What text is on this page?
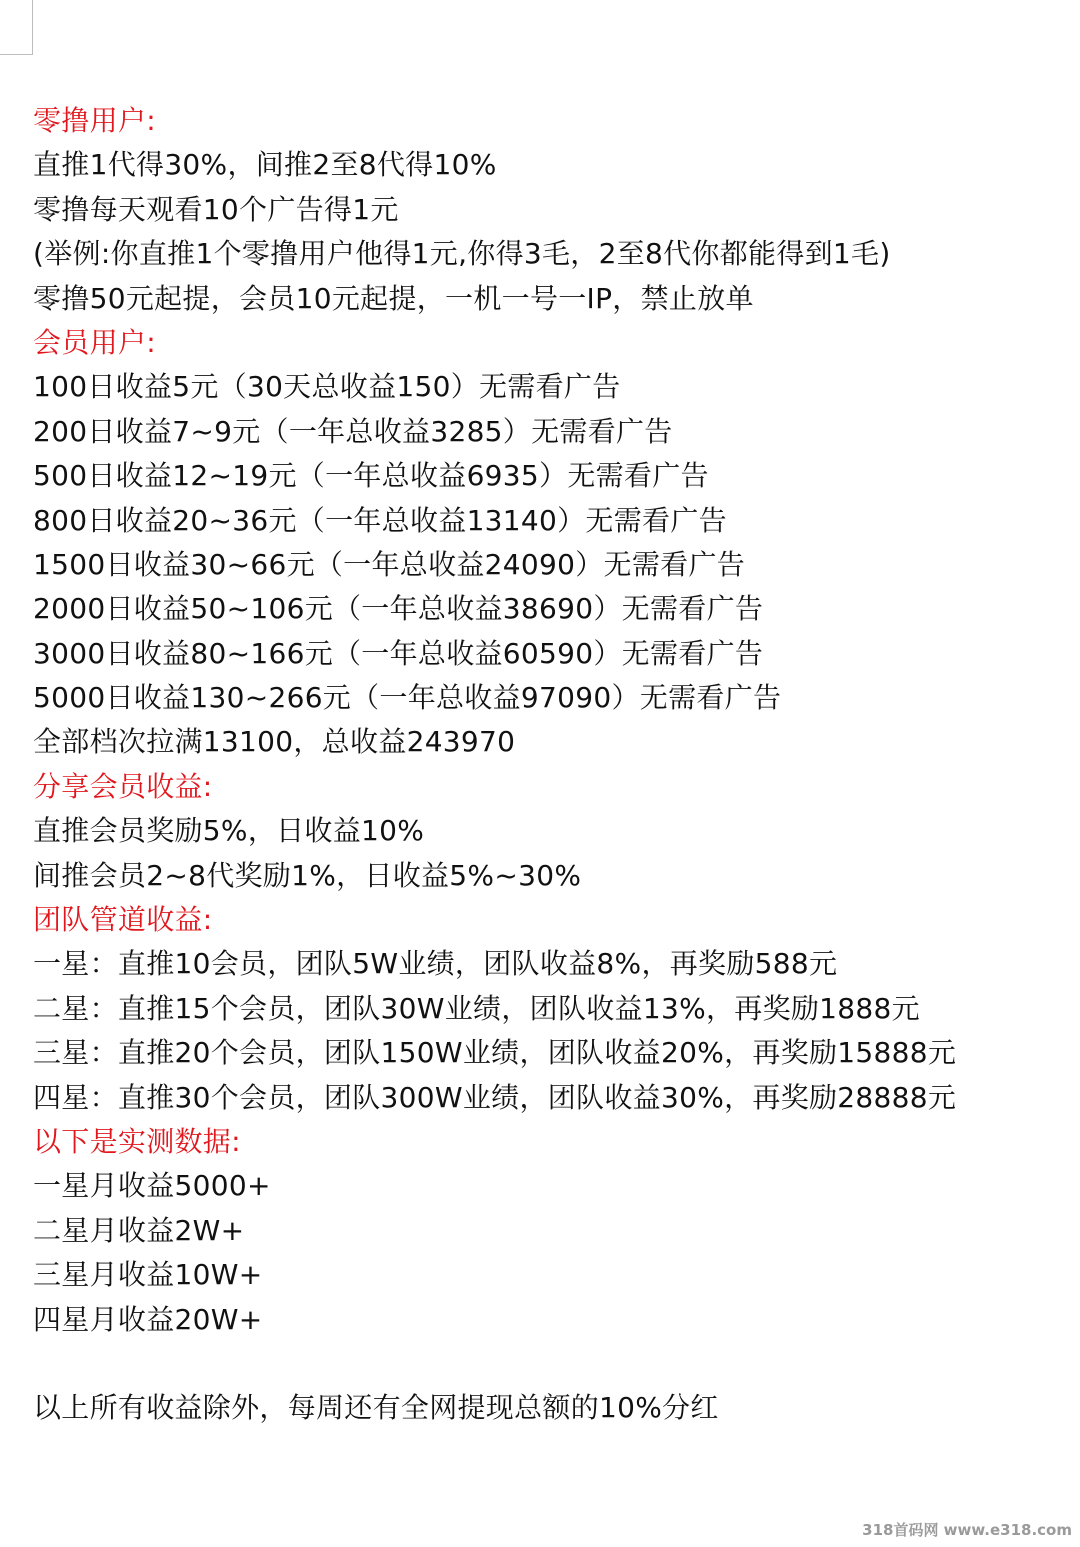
零撸用户:
直推1代得30%，间推2至8代得10%
零撸每天观看10个广告得1元
(举例:你直推1个零撸用户他得1元,你得3毛，2至8代你都能得到1毛)
零撸50元起提，会员10元起提，一机一号一IP，禁止放单
会员用户:
100日收益5元（30天总收益150）无需看广告
200日收益7~9元（一年总收益3285）无需看广告
500日收益12~19元（一年总收益6935）无需看广告
800日收益20~36元（一年总收益13140）无需看广告
1500日收益30~66元（一年总收益24090）无需看广告
2000日收益50~106元（一年总收益38690）无需看广告
3000日收益80~166元（一年总收益60590）无需看广告
5000日收益130~266元（一年总收益97090）无需看广告
全部档次拉满13100，总收益243970
分享会员收益:
直推会员奖励5%，日收益10%
间推会员2~8代奖励1%，日收益5%~30%
团队管道收益:
一星：直推10会员，团队5W业绩，团队收益8%，再奖励588元
二星：直推15个会员，团队30W业绩，团队收益13%，再奖励1888元
三星：直推20个会员，团队150W业绩，团队收益20%，再奖励15888元
四星：直推30个会员，团队300W业绩，团队收益30%，再奖励28888元
以下是实测数据:
一星月收益5000+
二星月收益2W+
三星月收益10W+
四星月收益20W+
以上所有收益除外，每周还有全网提现总额的10%分红
318首码网 www.e318.com
